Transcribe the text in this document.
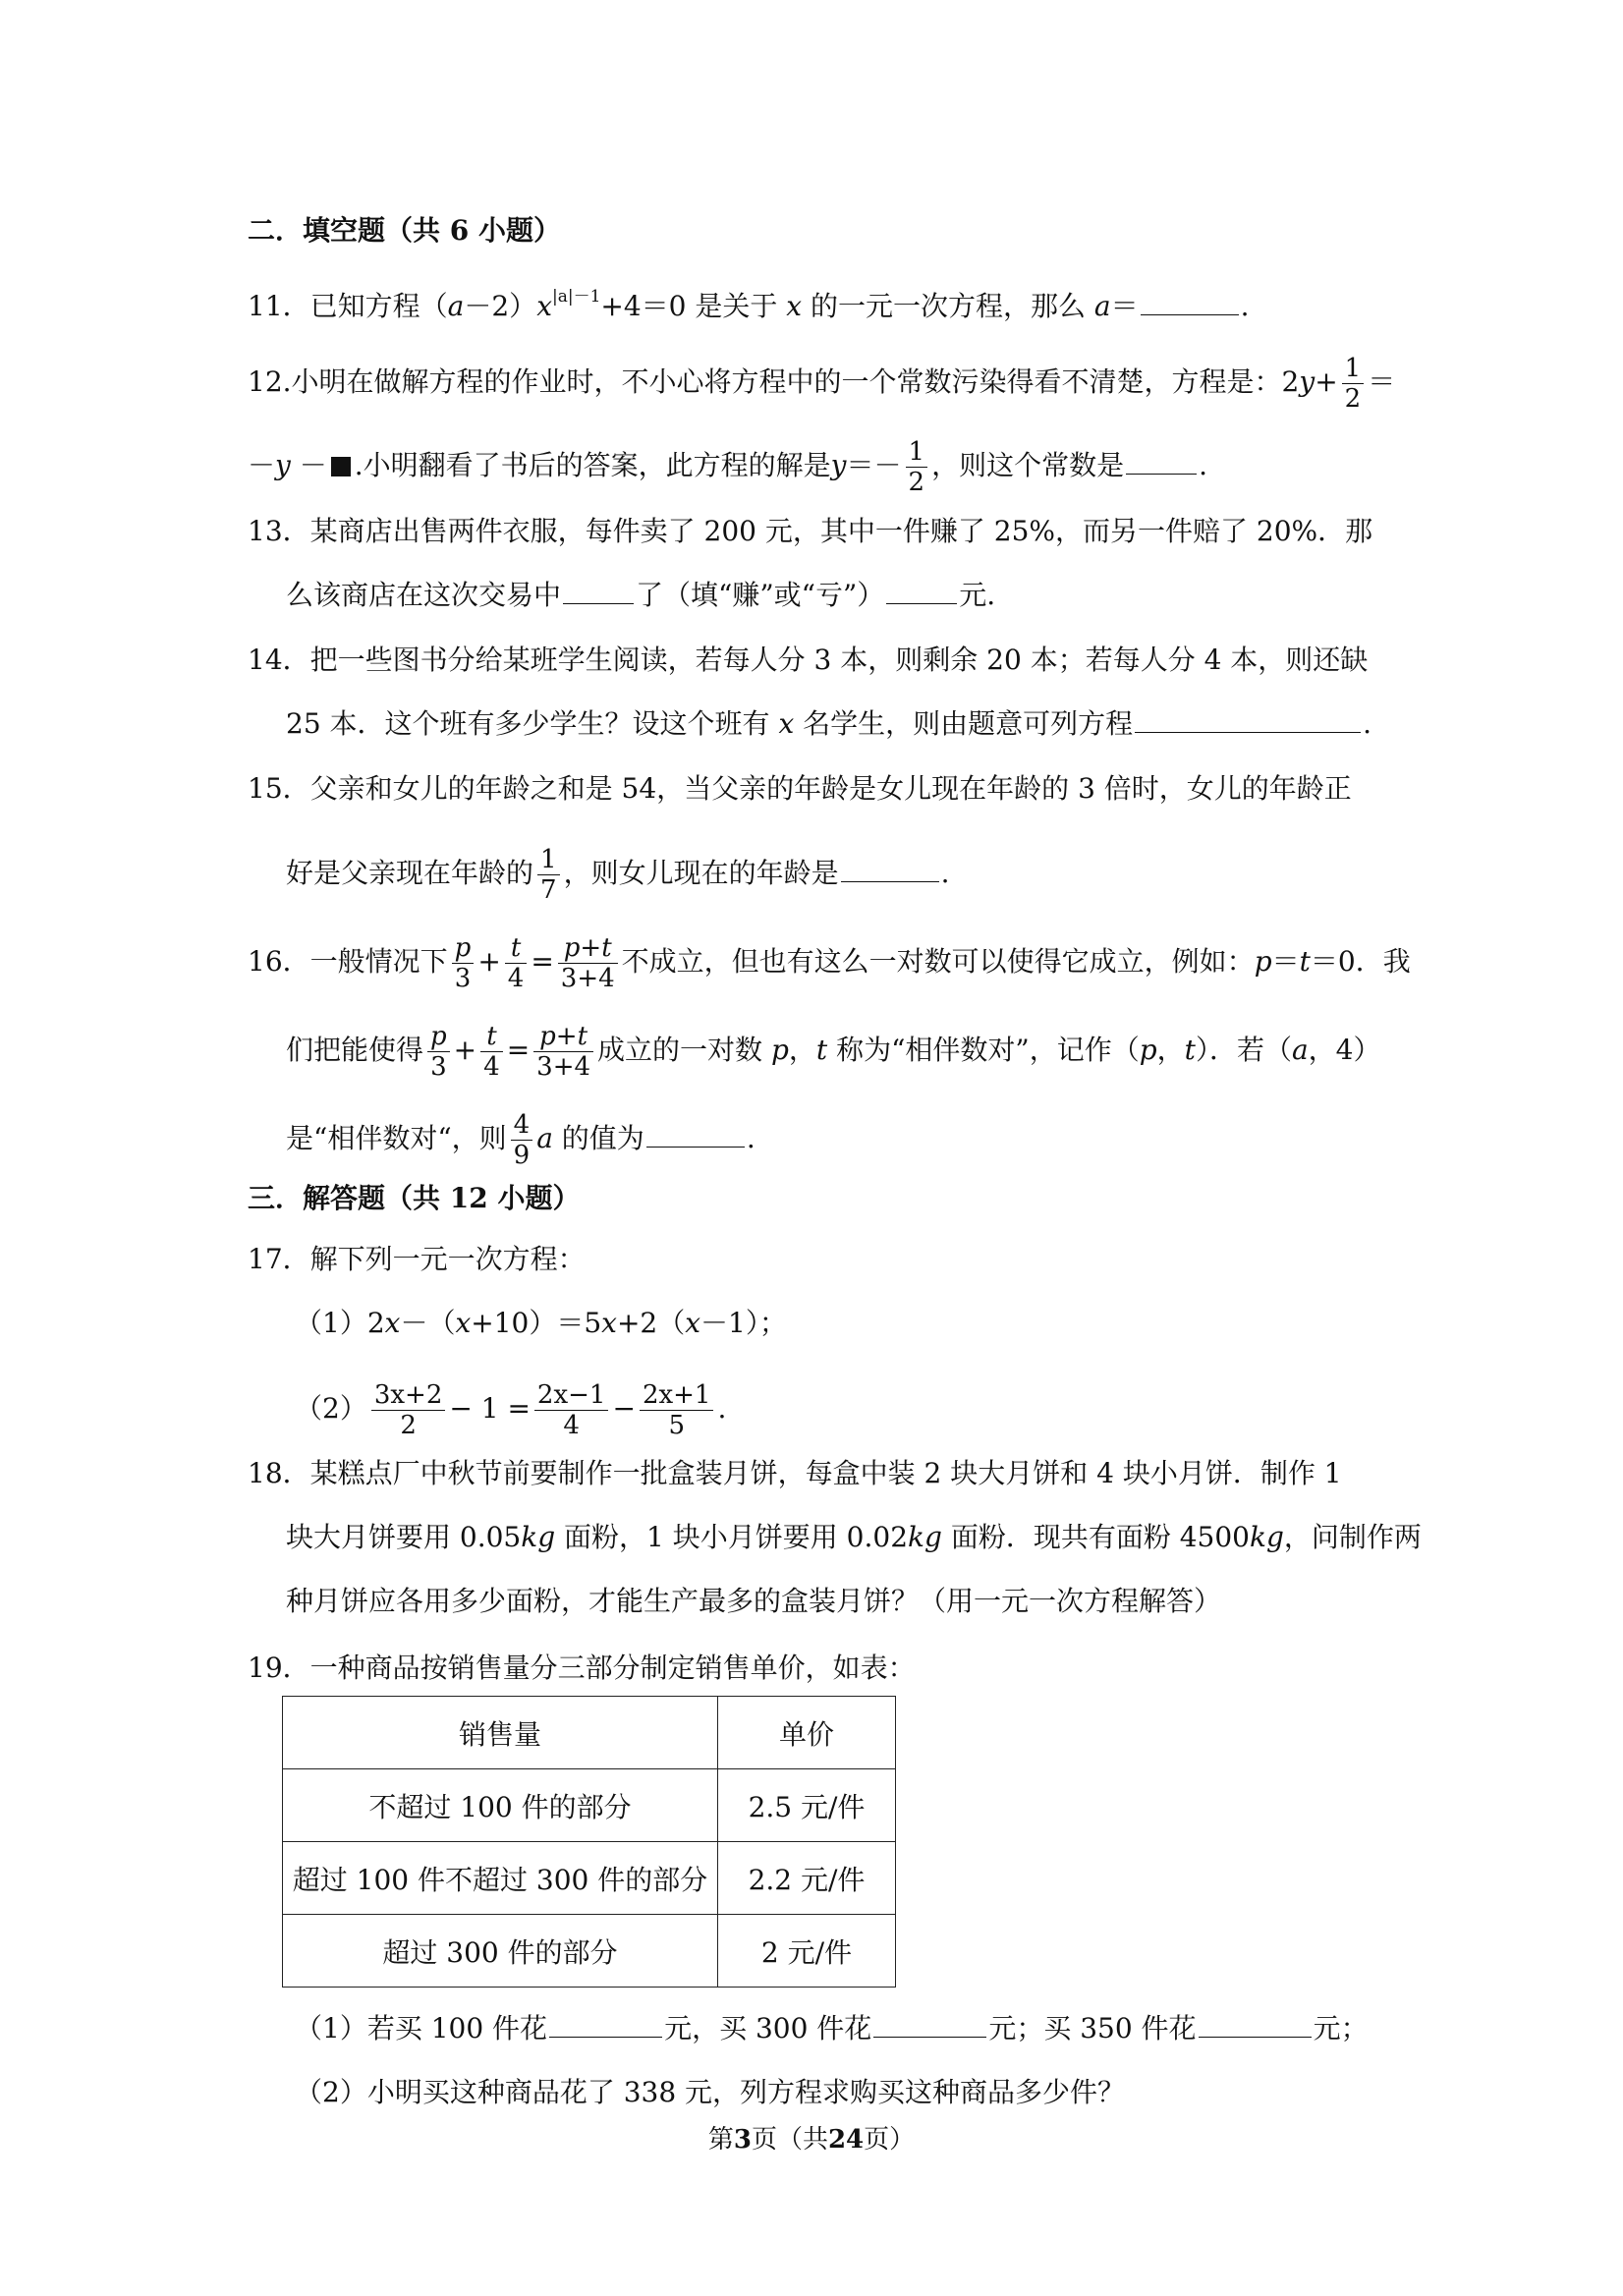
二．填空题（共 6 小题）
11．已知方程$(a-2)x^{|a|-1}+4=0$ 是关于 x 的一元一次方程，那么 a＝	.
12.小明在做解方程的作业时，不小心将方程中的一个常数污染得看不清楚，方程是：$2y+ \frac{1}{2}$ ＝
－y － .小明翻看了书后的答案，此方程的解是$y=- \frac{1}{2}$ ，则这个常数是	.
13．某商店出售两件衣服，每件卖了 200 元，其中一件赚了 25%，而另一件赔了 20%．那
么该商店在这次交易中	了（填“赚”或“亏”）	元.
14．把一些图书分给某班学生阅读，若每人分 3 本，则剩余 20 本；若每人分 4 本，则还缺
25 本．这个班有多少学生？设这个班有 x 名学生，则由题意可列方程	.
15．父亲和女儿的年龄之和是 54，当父亲的年龄是女儿现在年龄的 3 倍时，女儿的年龄正
好是父亲现在年龄的 $\frac{1}{7}$ ，则女儿现在的年龄是	.
16．一般情况下 $\frac{p}{3} + \frac{t}{4} = \frac{p+t}{3+4}$ 不成立，但也有这么一对数可以使得它成立，例如：p＝t＝0．我
们把能使得 $\frac{p}{3} + \frac{t}{4} = \frac{p+t}{3+4}$ 成立的一对数 p，t 称为“相伴数对”，记作（p，t）．若（a，4）
是“相伴数对“，则 $\frac{4}{9}$ a 的值为	.
三．解答题（共 12 小题）
17．解下列一元一次方程：
（1）2x－（x+10）＝5x+2（x－1）；
$(2) \frac{3x+2}{2} - 1 = \frac{2x-1}{4} - \frac{2x+1}{5}$ .
18．某糕点厂中秋节前要制作一批盒装月饼，每盒中装 2 块大月饼和 4 块小月饼．制作 1
块大月饼要用 0.05kg 面粉，1 块小月饼要用 0.02kg 面粉．现共有面粉 4500kg，问制作两
种月饼应各用多少面粉，才能生产最多的盒装月饼？（用一元一次方程解答）
19．一种商品按销售量分三部分制定销售单价，如表：
销售量	单价
不超过 100 件的部分	2.5 元/件
超过 100 件不超过 300 件的部分	2.2 元/件
超过 300 件的部分	2 元/件
（1）若买 100 件花	元，买 300 件花	元；买 350 件花	元；
（2）小明买这种商品花了 338 元，列方程求购买这种商品多少件？
第3页（共24页）
